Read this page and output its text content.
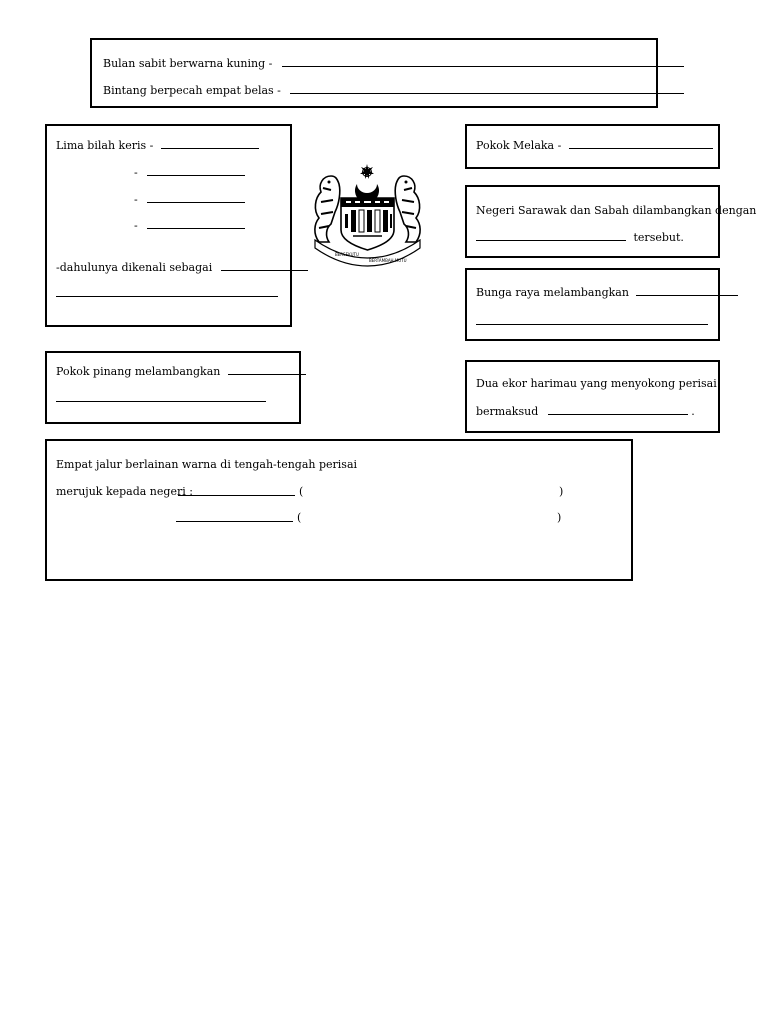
Bulan sabit berwarna kuning -
Bintang berpecah empat belas -
Lima bilah keris -
-
-
-
-dahulunya dikenali sebagai
BERSEKUTU
BERTAMBAH MUTU
Pokok Melaka -
Negeri Sarawak dan Sabah dilambangkan dengan
tersebut.
Bunga raya melambangkan
Pokok pinang melambangkan
Dua ekor harimau yang menyokong perisai
bermaksud	.
Empat jalur berlainan warna di tengah-tengah perisai
merujuk kepada negeri :	(	)
(	)
